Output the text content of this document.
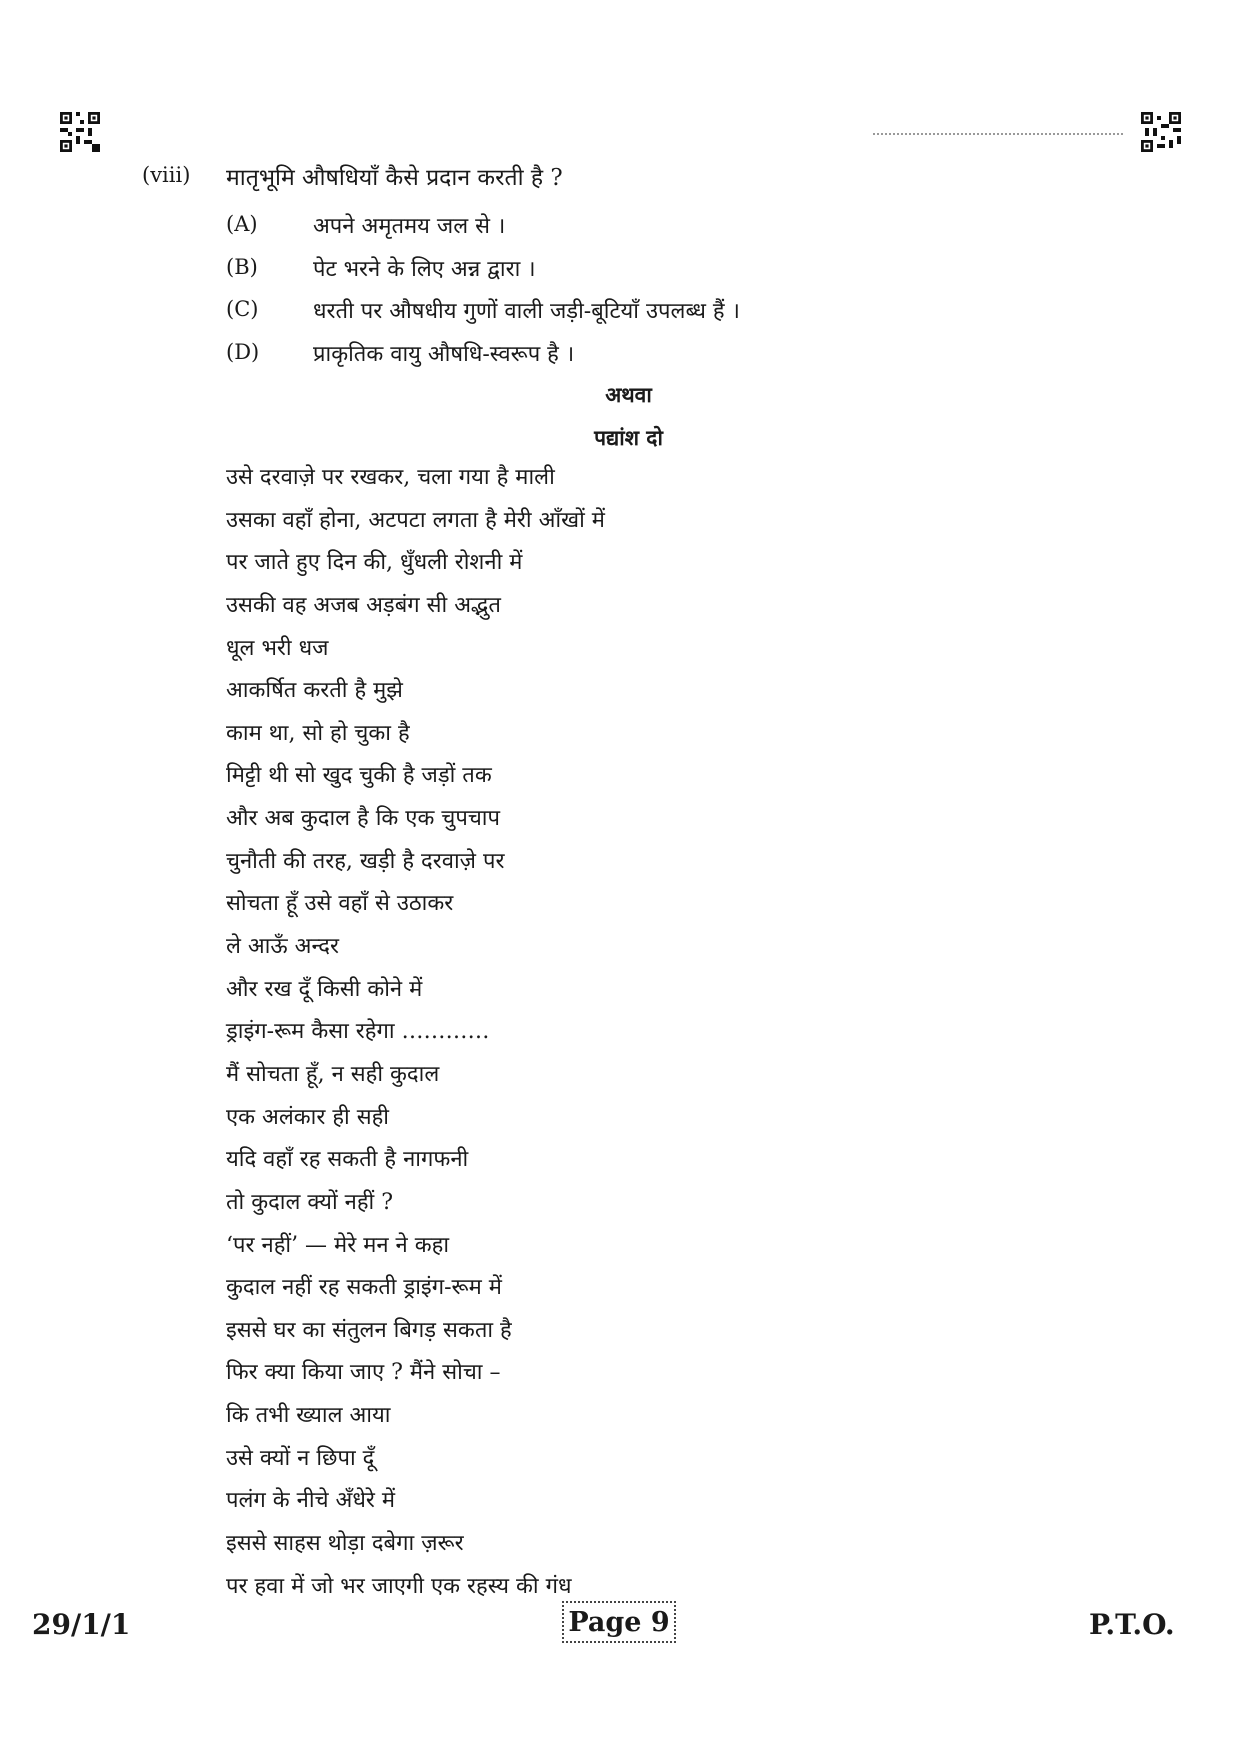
(viii) मातृभूमि औषधियाँ कैसे प्रदान करती है ?
(A)	अपने अमृतमय जल से ।
(B)	पेट भरने के लिए अन्न द्वारा ।
(C) धरती पर औषधीय गुणों वाली जड़ी-बूटियाँ उपलब्ध हैं ।
(D) प्राकृतिक वायु औषधि-स्वरूप है ।
अथवा
पद्यांश दो
उसे दरवाज़े पर रखकर, चला गया है माली
उसका वहाँ होना, अटपटा लगता है मेरी आँखों में
पर जाते हुए दिन की, धुँधली रोशनी में
उसकी वह अजब अड़बंग सी अद्भुत
धूल भरी धज
आकर्षित करती है मुझे
काम था, सो हो चुका है
मिट्टी थी सो खुद चुकी है जड़ों तक
और अब कुदाल है कि एक चुपचाप
चुनौती की तरह, खड़ी है दरवाज़े पर
सोचता हूँ उसे वहाँ से उठाकर
ले आऊँ अन्दर
और रख दूँ किसी कोने में
ड्राइंग-रूम कैसा रहेगा …………
मैं सोचता हूँ, न सही कुदाल
एक अलंकार ही सही
यदि वहाँ रह सकती है नागफनी
तो कुदाल क्यों नहीं ?
‘पर नहीं’ — मेरे मन ने कहा
कुदाल नहीं रह सकती ड्राइंग-रूम में
इससे घर का संतुलन बिगड़ सकता है
फिर क्या किया जाए ? मैंने सोचा –
कि तभी ख्याल आया
उसे क्यों न छिपा दूँ
पलंग के नीचे अँधेरे में
इससे साहस थोड़ा दबेगा ज़रूर
पर हवा में जो भर जाएगी एक रहस्य की गंध
29/1/1	Page 9	P.T.O.
